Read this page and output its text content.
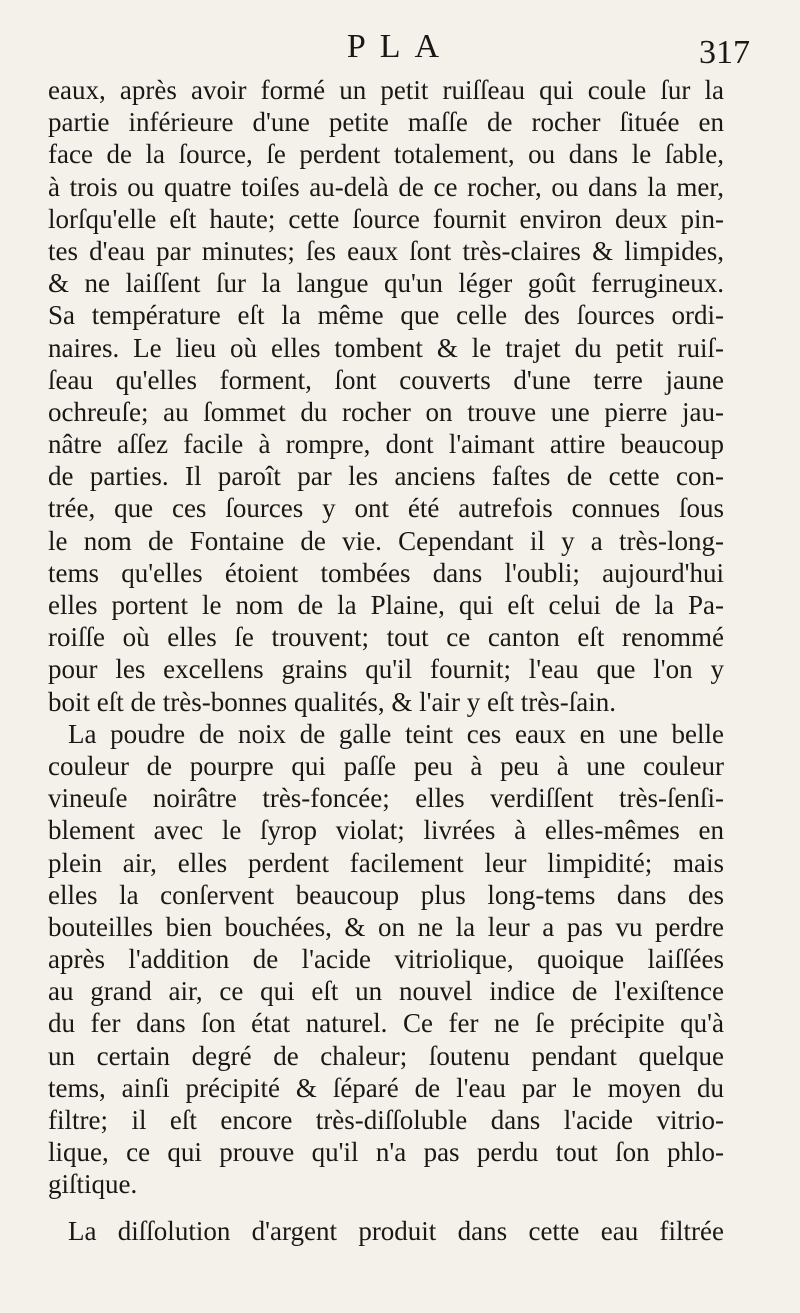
PLA	317
eaux, après avoir formé un petit ruiſſeau qui coule ſur la
partie inférieure d'une petite maſſe de rocher ſituée en
face de la ſource, ſe perdent totalement, ou dans le ſable,
à trois ou quatre toiſes au-delà de ce rocher, ou dans la mer,
lorſqu'elle eſt haute; cette ſource fournit environ deux pin-
tes d'eau par minutes; ſes eaux ſont très-claires & limpides,
& ne laiſſent ſur la langue qu'un léger goût ferrugineux.
Sa température eſt la même que celle des ſources ordi-
naires. Le lieu où elles tombent & le trajet du petit ruiſ-
ſeau qu'elles forment, ſont couverts d'une terre jaune
ochreuſe; au ſommet du rocher on trouve une pierre jau-
nâtre aſſez facile à rompre, dont l'aimant attire beaucoup
de parties. Il paroît par les anciens faſtes de cette con-
trée, que ces ſources y ont été autrefois connues ſous
le nom de Fontaine de vie. Cependant il y a très-long-
tems qu'elles étoient tombées dans l'oubli; aujourd'hui
elles portent le nom de la Plaine, qui eſt celui de la Pa-
roiſſe où elles ſe trouvent; tout ce canton eſt renommé
pour les excellens grains qu'il fournit; l'eau que l'on y
boit eſt de très-bonnes qualités, & l'air y eſt très-ſain.
La poudre de noix de galle teint ces eaux en une belle
couleur de pourpre qui paſſe peu à peu à une couleur
vineuſe noirâtre très-foncée; elles verdiſſent très-ſenſi-
blement avec le ſyrop violat; livrées à elles-mêmes en
plein air, elles perdent facilement leur limpidité; mais
elles la conſervent beaucoup plus long-tems dans des
bouteilles bien bouchées, & on ne la leur a pas vu perdre
après l'addition de l'acide vitriolique, quoique laiſſées
au grand air, ce qui eſt un nouvel indice de l'exiſtence
du fer dans ſon état naturel. Ce fer ne ſe précipite qu'à
un certain degré de chaleur; ſoutenu pendant quelque
tems, ainſi précipité & ſéparé de l'eau par le moyen du
filtre; il eſt encore très-diſſoluble dans l'acide vitrio-
lique, ce qui prouve qu'il n'a pas perdu tout ſon phlo-
giſtique.
La diſſolution d'argent produit dans cette eau filtrée
